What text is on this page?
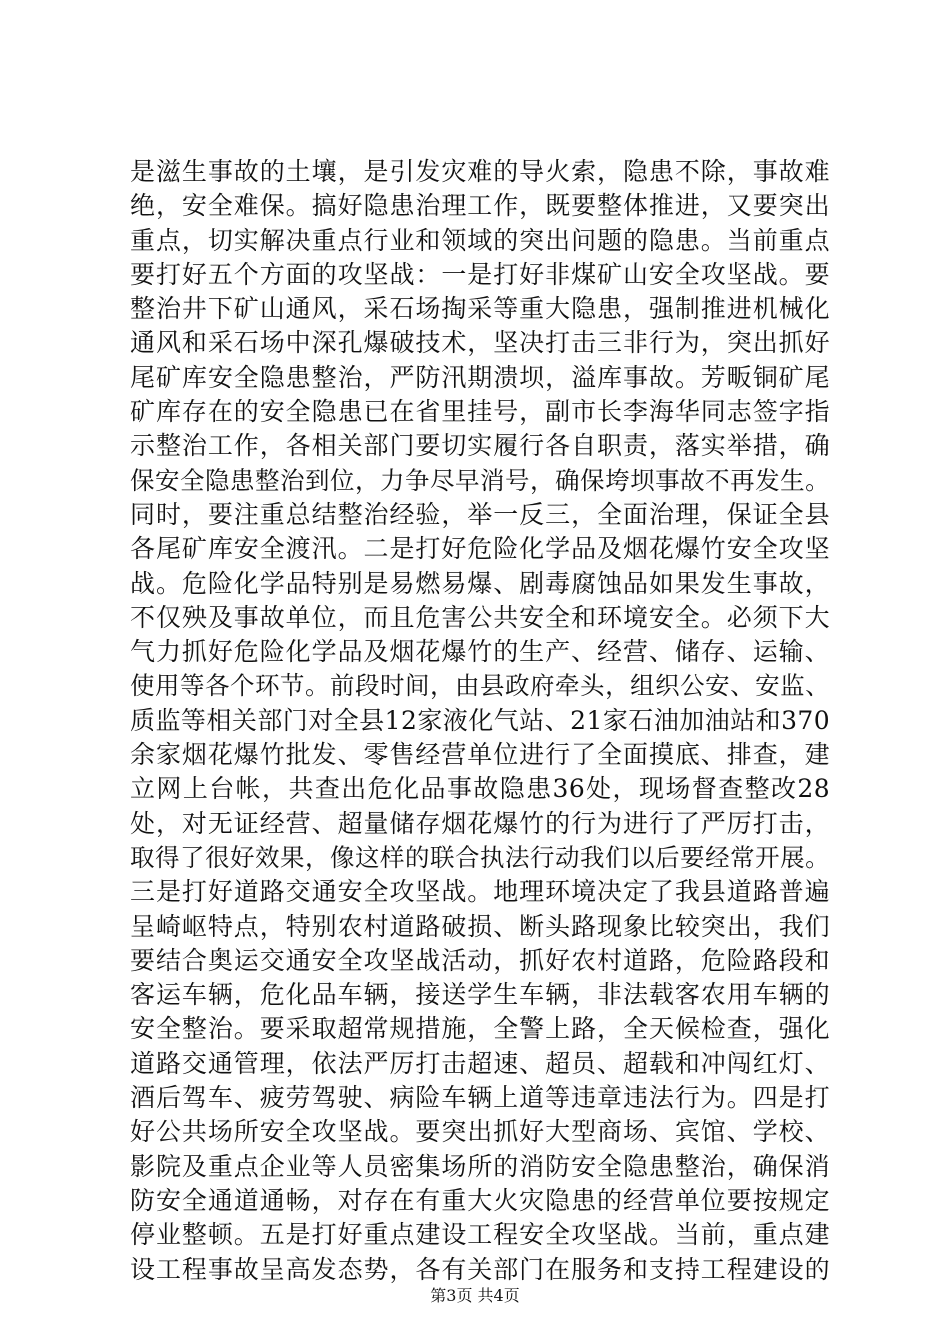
是滋生事故的土壤，是引发灾难的导火索，隐患不除，事故难
绝，安全难保。搞好隐患治理工作，既要整体推进，又要突出
重点，切实解决重点行业和领域的突出问题的隐患。当前重点
要打好五个方面的攻坚战：一是打好非煤矿山安全攻坚战。要
整治井下矿山通风，采石场掏采等重大隐患，强制推进机械化
通风和采石场中深孔爆破技术，坚决打击三非行为，突出抓好
尾矿库安全隐患整治，严防汛期溃坝，溢库事故。芳畈铜矿尾
矿库存在的安全隐患已在省里挂号，副市长李海华同志签字指
示整治工作，各相关部门要切实履行各自职责，落实举措，确
保安全隐患整治到位，力争尽早消号，确保垮坝事故不再发生。
同时，要注重总结整治经验，举一反三，全面治理，保证全县
各尾矿库安全渡汛。二是打好危险化学品及烟花爆竹安全攻坚
战。危险化学品特别是易燃易爆、剧毒腐蚀品如果发生事故，
不仅殃及事故单位，而且危害公共安全和环境安全。必须下大
气力抓好危险化学品及烟花爆竹的生产、经营、储存、运输、
使用等各个环节。前段时间，由县政府牵头，组织公安、安监、
质监等相关部门对全县12家液化气站、21家石油加油站和370
余家烟花爆竹批发、零售经营单位进行了全面摸底、排查，建
立网上台帐，共查出危化品事故隐患36处，现场督查整改28
处，对无证经营、超量储存烟花爆竹的行为进行了严厉打击，
取得了很好效果，像这样的联合执法行动我们以后要经常开展。
三是打好道路交通安全攻坚战。地理环境决定了我县道路普遍
呈崎岖特点，特别农村道路破损、断头路现象比较突出，我们
要结合奥运交通安全攻坚战活动，抓好农村道路，危险路段和
客运车辆，危化品车辆，接送学生车辆，非法载客农用车辆的
安全整治。要采取超常规措施，全警上路，全天候检查，强化
道路交通管理，依法严厉打击超速、超员、超载和冲闯红灯、
酒后驾车、疲劳驾驶、病险车辆上道等违章违法行为。四是打
好公共场所安全攻坚战。要突出抓好大型商场、宾馆、学校、
影院及重点企业等人员密集场所的消防安全隐患整治，确保消
防安全通道通畅，对存在有重大火灾隐患的经营单位要按规定
停业整顿。五是打好重点建设工程安全攻坚战。当前，重点建
设工程事故呈高发态势，各有关部门在服务和支持工程建设的
第3页 共4页
